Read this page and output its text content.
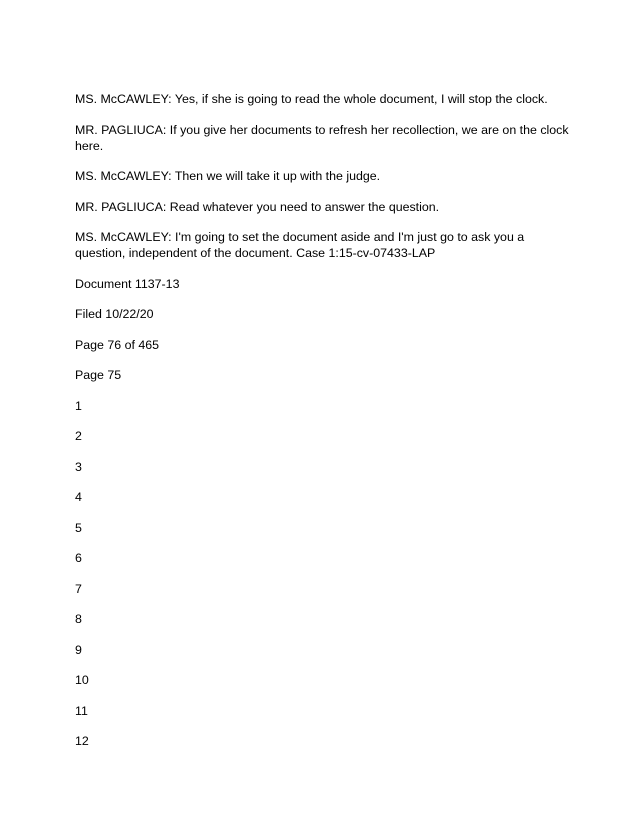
MS. McCAWLEY: Yes, if she is going to read the whole document, I will stop the clock.

MR. PAGLIUCA: If you give her documents to refresh her recollection, we are on the clock here.

MS. McCAWLEY: Then we will take it up with the judge.

MR. PAGLIUCA: Read whatever you need to answer the question.

MS. McCAWLEY: I'm going to set the document aside and I'm just go to ask you a question, independent of the document. Case 1:15-cv-07433-LAP

Document 1137-13

Filed 10/22/20

Page 76 of 465

Page 75

1

2

3

4

5

6

7

8

9

10

11

12
